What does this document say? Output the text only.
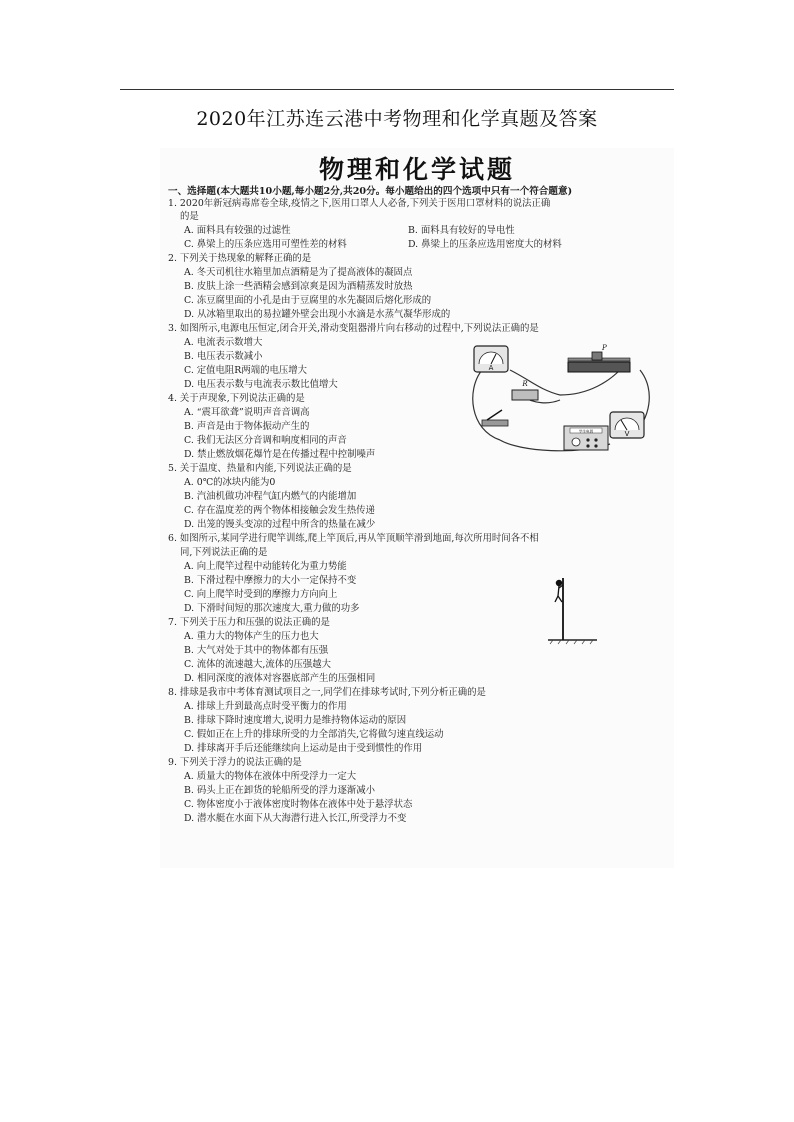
2020年江苏连云港中考物理和化学真题及答案
物理和化学试题
一、选择题(本大题共10小题,每小题2分,共20分。每小题给出的四个选项中只有一个符合题意)
1. 2020年新冠病毒席卷全球,疫情之下,医用口罩人人必备,下列关于医用口罩材料的说法正确
的是
A. 面料具有较强的过滤性	B. 面料具有较好的导电性
C. 鼻梁上的压条应选用可塑性差的材料	D. 鼻梁上的压条应选用密度大的材料
2. 下列关于热现象的解释正确的是
A. 冬天司机往水箱里加点酒精是为了提高液体的凝固点
B. 皮肤上涂一些酒精会感到凉爽是因为酒精蒸发时放热
C. 冻豆腐里面的小孔是由于豆腐里的水先凝固后熔化形成的
D. 从冰箱里取出的易拉罐外壁会出现小水滴是水蒸气凝华形成的
3. 如图所示,电源电压恒定,闭合开关,滑动变阻器滑片向右移动的过程中,下列说法正确的是
A. 电流表示数增大
B. 电压表示数减小
C. 定值电阻R两端的电压增大
D. 电压表示数与电流表示数比值增大
4. 关于声现象,下列说法正确的是
A. “震耳欲聋”说明声音音调高
B. 声音是由于物体振动产生的
C. 我们无法区分音调和响度相同的声音
D. 禁止燃放烟花爆竹是在传播过程中控制噪声
5. 关于温度、热量和内能,下列说法正确的是
A. 0℃的冰块内能为0
B. 汽油机做功冲程气缸内燃气的内能增加
C. 存在温度差的两个物体相接触会发生热传递
D. 出笼的馒头变凉的过程中所含的热量在减少
6. 如图所示,某同学进行爬竿训练,爬上竿顶后,再从竿顶顺竿滑到地面,每次所用时间各不相
同,下列说法正确的是
A. 向上爬竿过程中动能转化为重力势能
B. 下滑过程中摩擦力的大小一定保持不变
C. 向上爬竿时受到的摩擦力方向向上
D. 下滑时间短的那次速度大,重力做的功多
7. 下列关于压力和压强的说法正确的是
A. 重力大的物体产生的压力也大
B. 大气对处于其中的物体都有压强
C. 流体的流速越大,流体的压强越大
D. 相同深度的液体对容器底部产生的压强相同
8. 排球是我市中考体育测试项目之一,同学们在排球考试时,下列分析正确的是
A. 排球上升到最高点时受平衡力的作用
B. 排球下降时速度增大,说明力是维持物体运动的原因
C. 假如正在上升的排球所受的力全部消失,它将做匀速直线运动
D. 排球离开手后还能继续向上运动是由于受到惯性的作用
9. 下列关于浮力的说法正确的是
A. 质量大的物体在液体中所受浮力一定大
B. 码头上正在卸货的轮船所受的浮力逐渐减小
C. 物体密度小于液体密度时物体在液体中处于悬浮状态
D. 潜水艇在水面下从大海潜行进入长江,所受浮力不变
A
R
P
V
学生电源
